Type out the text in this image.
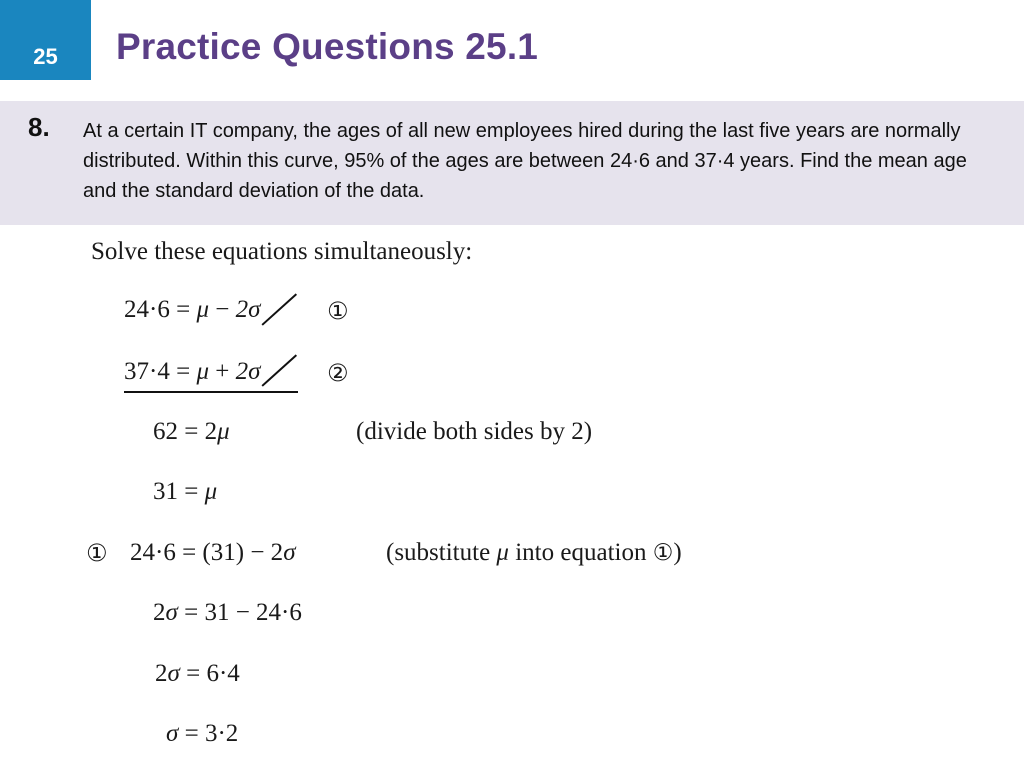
25 Practice Questions 25.1
8. At a certain IT company, the ages of all new employees hired during the last five years are normally distributed. Within this curve, 95% of the ages are between 24·6 and 37·4 years. Find the mean age and the standard deviation of the data.
Solve these equations simultaneously:
24·6 = μ − 2σ	①
37·4 = μ + 2σ	②
62 = 2μ	(divide both sides by 2)
31 = μ
① 24·6 = (31) − 2σ	(substitute μ into equation ①)
2σ = 31 − 24·6
2σ = 6·4
σ = 3·2
